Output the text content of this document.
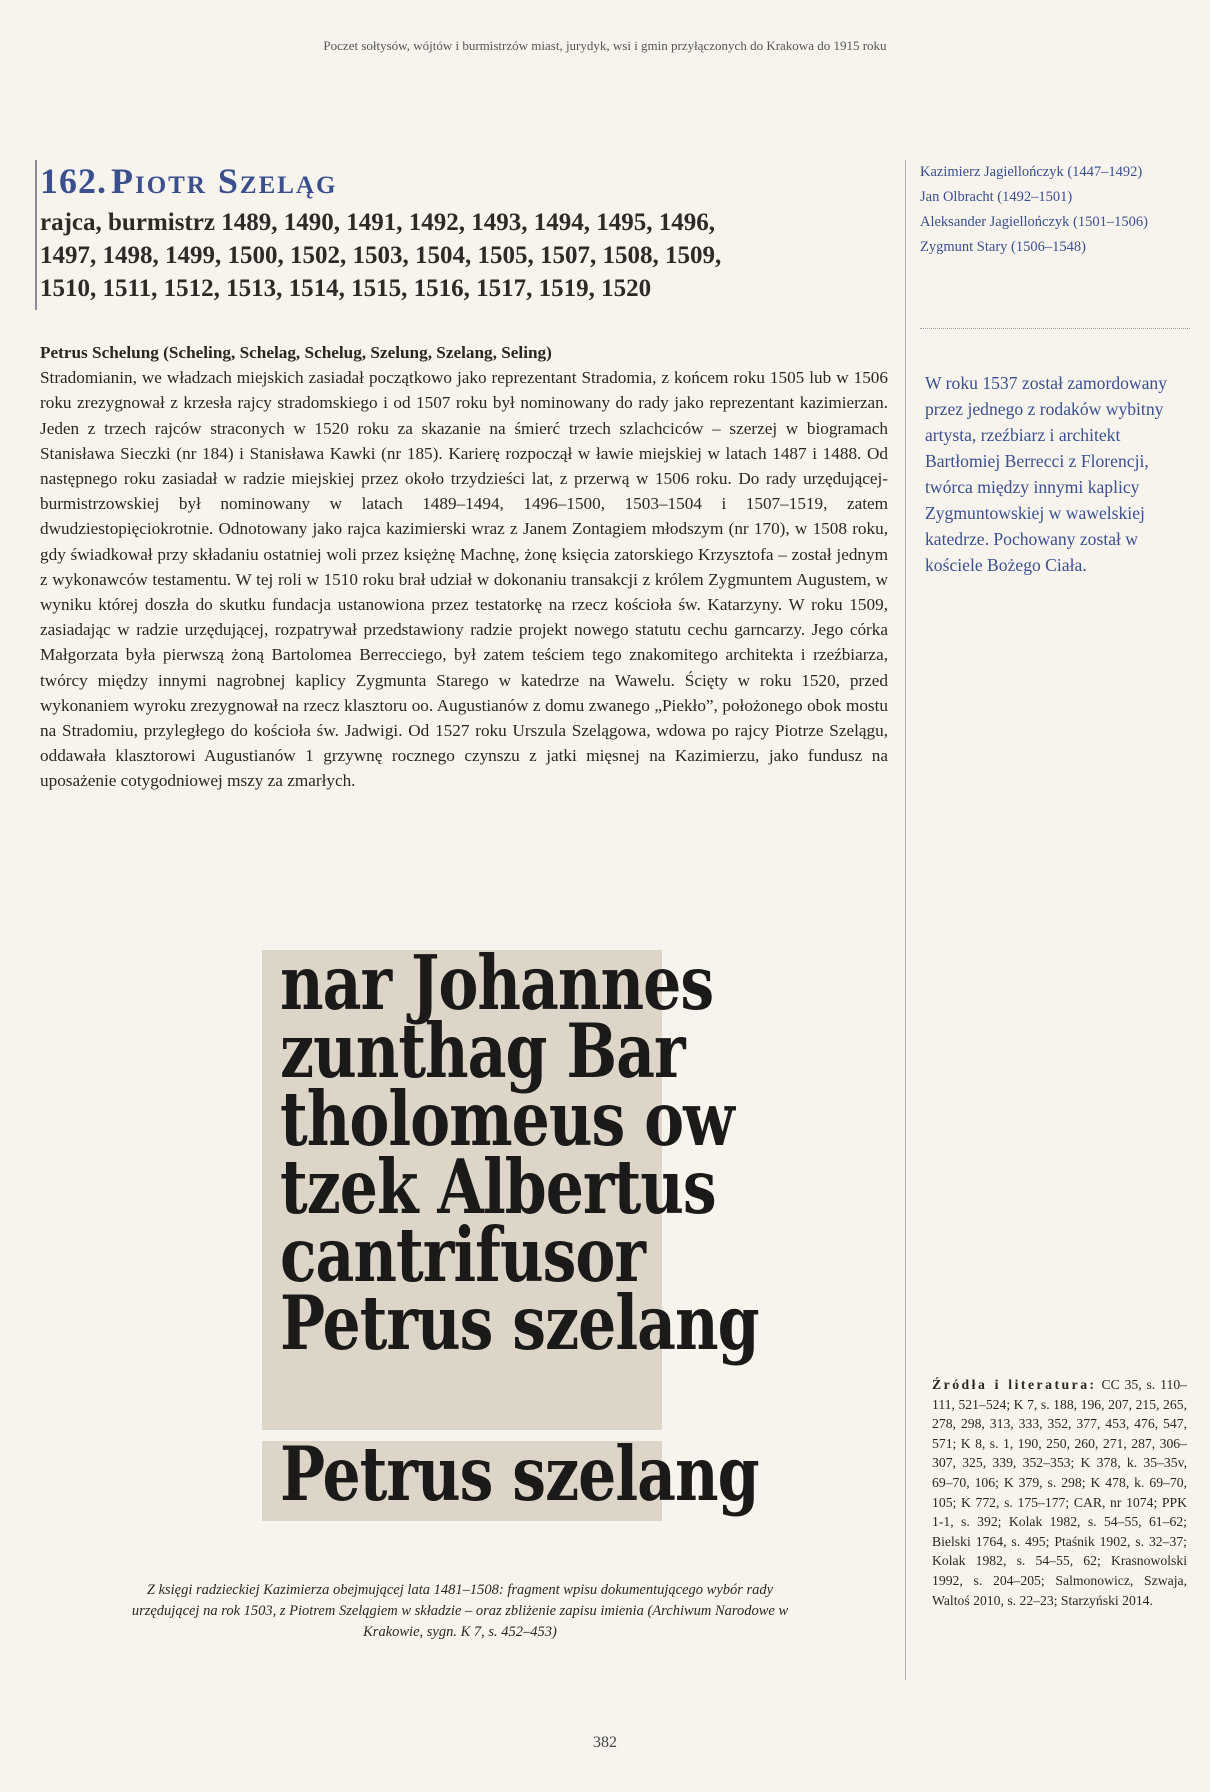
Poczet sołtysów, wójtów i burmistrzów miast, jurydyk, wsi i gmin przyłączonych do Krakowa do 1915 roku
162. Piotr Szeląg
rajca, burmistrz 1489, 1490, 1491, 1492, 1493, 1494, 1495, 1496,
1497, 1498, 1499, 1500, 1502, 1503, 1504, 1505, 1507, 1508, 1509,
1510, 1511, 1512, 1513, 1514, 1515, 1516, 1517, 1519, 1520
Kazimierz Jagiellończyk (1447–1492)
Jan Olbracht (1492–1501)
Aleksander Jagiellończyk (1501–1506)
Zygmunt Stary (1506–1548)
W roku 1537 został zamordowany przez jednego z rodaków wybitny artysta, rzeźbiarz i architekt Bartłomiej Berrecci z Florencji, twórca między innymi kaplicy Zygmuntowskiej w wawelskiej katedrze. Pochowany został w kościele Bożego Ciała.

Petrus Schelung (Scheling, Schelag, Schelug, Szelung, Szelang, Seling)

Stradomianin, we władzach miejskich zasiadał początkowo jako reprezentant Stradomia, z końcem roku 1505 lub w 1506 roku zrezygnował z krzesła rajcy stradomskiego i od 1507 roku był nominowany do rady jako reprezentant kazimierzan. Jeden z trzech rajców straconych w 1520 roku za skazanie na śmierć trzech szlachciców – szerzej w biogramach Stanisława Sieczki (nr 184) i Stanisława Kawki (nr 185). Karierę rozpoczął w ławie miejskiej w latach 1487 i 1488. Od następnego roku zasiadał w radzie miejskiej przez około trzydzieści lat, z przerwą w 1506 roku. Do rady urzędującej-burmistrzowskiej był nominowany w latach 1489–1494, 1496–1500, 1503–1504 i 1507–1519, zatem dwudziestopięciokrotnie. Odnotowany jako rajca kazimierski wraz z Janem Zontagiem młodszym (nr 170), w 1508 roku, gdy świadkował przy składaniu ostatniej woli przez księżnę Machnę, żonę księcia zatorskiego Krzysztofa – został jednym z wykonawców testamentu. W tej roli w 1510 roku brał udział w dokonaniu transakcji z królem Zygmuntem Augustem, w wyniku której doszła do skutku fundacja ustanowiona przez testatorkę na rzecz kościoła św. Katarzyny. W roku 1509, zasiadając w radzie urzędującej, rozpatrywał przedstawiony radzie projekt nowego statutu cechu garncarzy. Jego córka Małgorzata była pierwszą żoną Bartolomea Berrecciego, był zatem teściem tego znakomitego architekta i rzeźbiarza, twórcy między innymi nagrobnej kaplicy Zygmunta Starego w katedrze na Wawelu. Ścięty w roku 1520, przed wykonaniem wyroku zrezygnował na rzecz klasztoru oo. Augustianów z domu zwanego „Piekło”, położonego obok mostu na Stradomiu, przyległego do kościoła św. Jadwigi. Od 1527 roku Urszula Szelągowa, wdowa po rajcy Piotrze Szelągu, oddawała klasztorowi Augustianów 1 grzywnę rocznego czynszu z jatki mięsnej na Kazimierzu, jako fundusz na uposażenie cotygodniowej mszy za zmarłych.

nar Johannes
zunthag Bar
tholomeus ow
tzek Albertus
cantrifusor
Petrus szelang
Petrus szelang
Z księgi radzieckiej Kazimierza obejmującej lata 1481–1508: fragment wpisu dokumentującego wybór rady urzędującej na rok 1503, z Piotrem Szelągiem w składzie – oraz zbliżenie zapisu imienia (Archiwum Narodowe w Krakowie, sygn. K 7, s. 452–453)
Źródła i literatura: CC 35, s. 110–111, 521–524; K 7, s. 188, 196, 207, 215, 265, 278, 298, 313, 333, 352, 377, 453, 476, 547, 571; K 8, s. 1, 190, 250, 260, 271, 287, 306–307, 325, 339, 352–353; K 378, k. 35–35v, 69–70, 106; K 379, s. 298; K 478, k. 69–70, 105; K 772, s. 175–177; CAR, nr 1074; PPK 1-1, s. 392; Kolak 1982, s. 54–55, 61–62; Bielski 1764, s. 495; Ptaśnik 1902, s. 32–37; Kolak 1982, s. 54–55, 62; Krasnowolski 1992, s. 204–205; Salmonowicz, Szwaja, Waltoś 2010, s. 22–23; Starzyński 2014.
382
